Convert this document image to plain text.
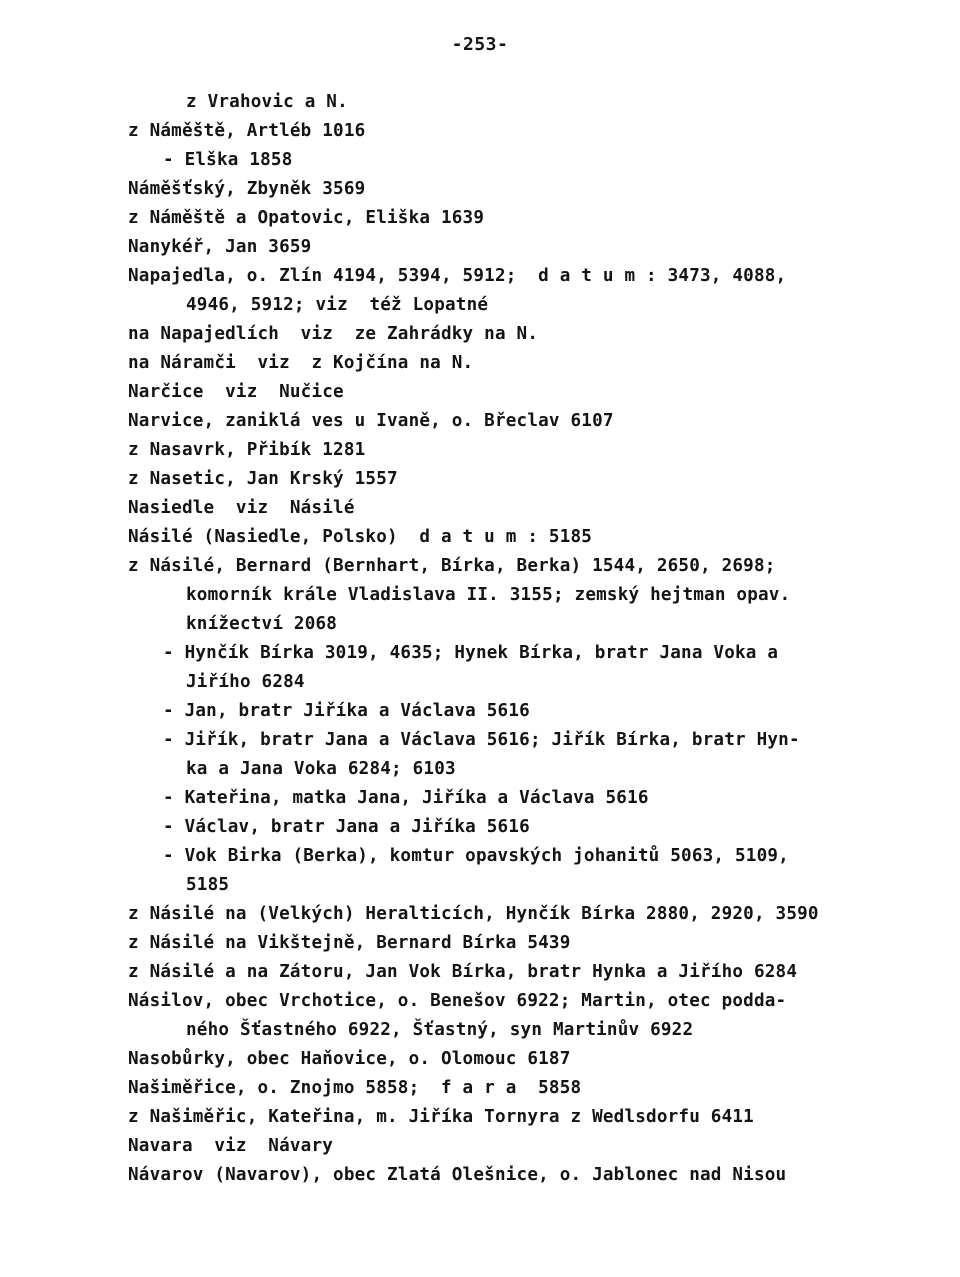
-253-
z Vrahovic a N.
z Náměště, Artléb 1016
- Elška 1858
Náměšťský, Zbyněk 3569
z Náměště a Opatovic, Eliška 1639
Nanykéř, Jan 3659
Napajedla, o. Zlín 4194, 5394, 5912;  d a t u m : 3473, 4088,
4946, 5912; viz  též Lopatné
na Napajedlích  viz  ze Zahrádky na N.
na Náramči  viz  z Kojčína na N.
Narčice  viz  Nučice
Narvice, zaniklá ves u Ivaně, o. Břeclav 6107
z Nasavrk, Přibík 1281
z Nasetic, Jan Krský 1557
Nasiedle  viz  Násilé
Násilé (Nasiedle, Polsko)  d a t u m : 5185
z Násilé, Bernard (Bernhart, Bírka, Berka) 1544, 2650, 2698;
komorník krále Vladislava II. 3155; zemský hejtman opav.
knížectví 2068
- Hynčík Bírka 3019, 4635; Hynek Bírka, bratr Jana Voka a
Jiřího 6284
- Jan, bratr Jiříka a Václava 5616
- Jiřík, bratr Jana a Václava 5616; Jiřík Bírka, bratr Hyn-
ka a Jana Voka 6284; 6103
- Kateřina, matka Jana, Jiříka a Václava 5616
- Václav, bratr Jana a Jiříka 5616
- Vok Birka (Berka), komtur opavských johanitů 5063, 5109,
5185
z Násilé na (Velkých) Heralticích, Hynčík Bírka 2880, 2920, 3590
z Násilé na Vikštejně, Bernard Bírka 5439
z Násilé a na Zátoru, Jan Vok Bírka, bratr Hynka a Jiřího 6284
Násilov, obec Vrchotice, o. Benešov 6922; Martin, otec podda-
ného Šťastného 6922, Šťastný, syn Martinův 6922
Nasobůrky, obec Haňovice, o. Olomouc 6187
Našiměřice, o. Znojmo 5858;  f a r a  5858
z Našiměřic, Kateřina, m. Jiříka Tornyra z Wedlsdorfu 6411
Navara  viz  Návary
Návarov (Navarov), obec Zlatá Olešnice, o. Jablonec nad Nisou
